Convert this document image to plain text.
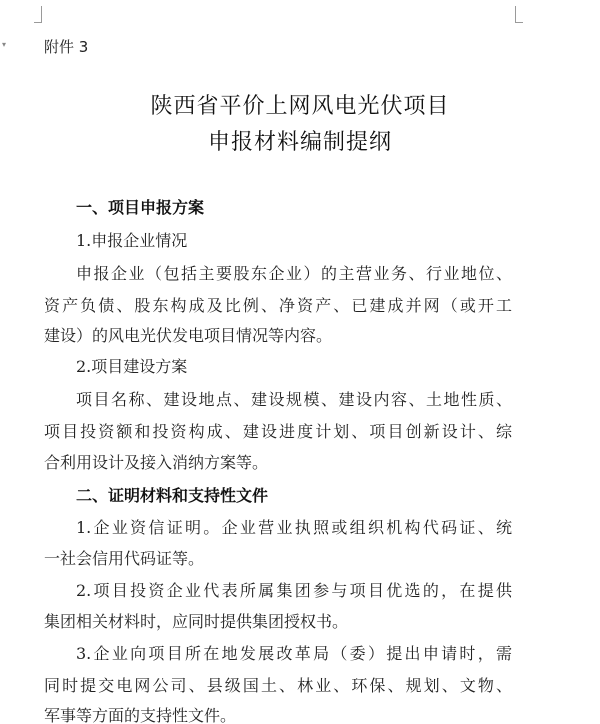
▾	附件 3
陕西省平价上网风电光伏项目
申报材料编制提纲
一、项目申报方案
1.申报企业情况
申报企业（包括主要股东企业）的主营业务、行业地位、
资产负债、股东构成及比例、净资产、已建成并网（或开工
建设）的风电光伏发电项目情况等内容。
2.项目建设方案
项目名称、建设地点、建设规模、建设内容、土地性质、
项目投资额和投资构成、建设进度计划、项目创新设计、综
合利用设计及接入消纳方案等。
二、证明材料和支持性文件
1.企业资信证明。企业营业执照或组织机构代码证、统
一社会信用代码证等。
2.项目投资企业代表所属集团参与项目优选的，在提供
集团相关材料时，应同时提供集团授权书。
3.企业向项目所在地发展改革局（委）提出申请时，需
同时提交电网公司、县级国土、林业、环保、规划、文物、
军事等方面的支持性文件。
